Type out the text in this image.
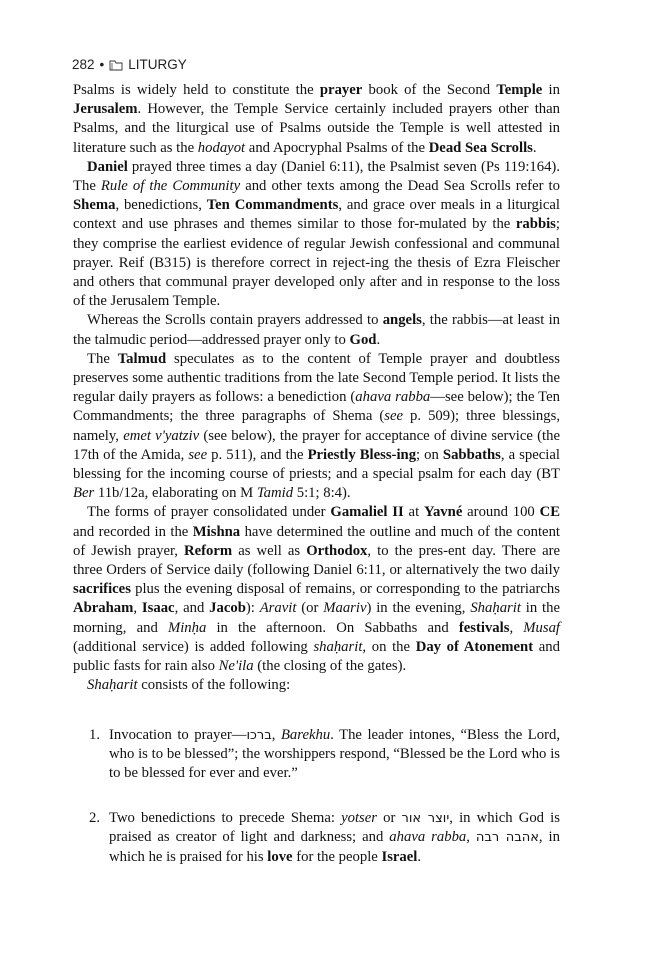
282 • LITURGY

Psalms is widely held to constitute the prayer book of the Second Temple in Jerusalem. However, the Temple Service certainly included prayers other than Psalms, and the liturgical use of Psalms outside the Temple is well attested in literature such as the hodayot and Apocryphal Psalms of the Dead Sea Scrolls.

Daniel prayed three times a day (Daniel 6:11), the Psalmist seven (Ps 119:164). The Rule of the Community and other texts among the Dead Sea Scrolls refer to Shema, benedictions, Ten Commandments, and grace over meals in a liturgical context and use phrases and themes similar to those for-mulated by the rabbis; they comprise the earliest evidence of regular Jewish confessional and communal prayer. Reif (B315) is therefore correct in reject-ing the thesis of Ezra Fleischer and others that communal prayer developed only after and in response to the loss of the Jerusalem Temple.

Whereas the Scrolls contain prayers addressed to angels, the rabbis—at least in the talmudic period—addressed prayer only to God.

The Talmud speculates as to the content of Temple prayer and doubtless preserves some authentic traditions from the late Second Temple period. It lists the regular daily prayers as follows: a benediction (ahava rabba—see below); the Ten Commandments; the three paragraphs of Shema (see p. 509); three blessings, namely, emet v'yatziv (see below), the prayer for acceptance of divine service (the 17th of the Amida, see p. 511), and the Priestly Bless-ing; on Sabbaths, a special blessing for the incoming course of priests; and a special psalm for each day (BT Ber 11b/12a, elaborating on M Tamid 5:1; 8:4).

The forms of prayer consolidated under Gamaliel II at Yavné around 100 CE and recorded in the Mishna have determined the outline and much of the content of Jewish prayer, Reform as well as Orthodox, to the pres-ent day. There are three Orders of Service daily (following Daniel 6:11, or alternatively the two daily sacrifices plus the evening disposal of remains, or corresponding to the patriarchs Abraham, Isaac, and Jacob): Aravit (or Maariv) in the evening, Shaḥarit in the morning, and Minḥa in the afternoon. On Sabbaths and festivals, Musaf (additional service) is added following shaḥarit, on the Day of Atonement and public fasts for rain also Ne'ila (the closing of the gates).

Shaḥarit consists of the following:

1. Invocation to prayer—ברכו, Barekhu. The leader intones, “Bless the Lord, who is to be blessed”; the worshippers respond, “Blessed be the Lord who is to be blessed for ever and ever.”
2. Two benedictions to precede Shema: yotser or יוצר אור, in which God is praised as creator of light and darkness; and ahava rabba, אהבה רבה, in which he is praised for his love for the people Israel.
